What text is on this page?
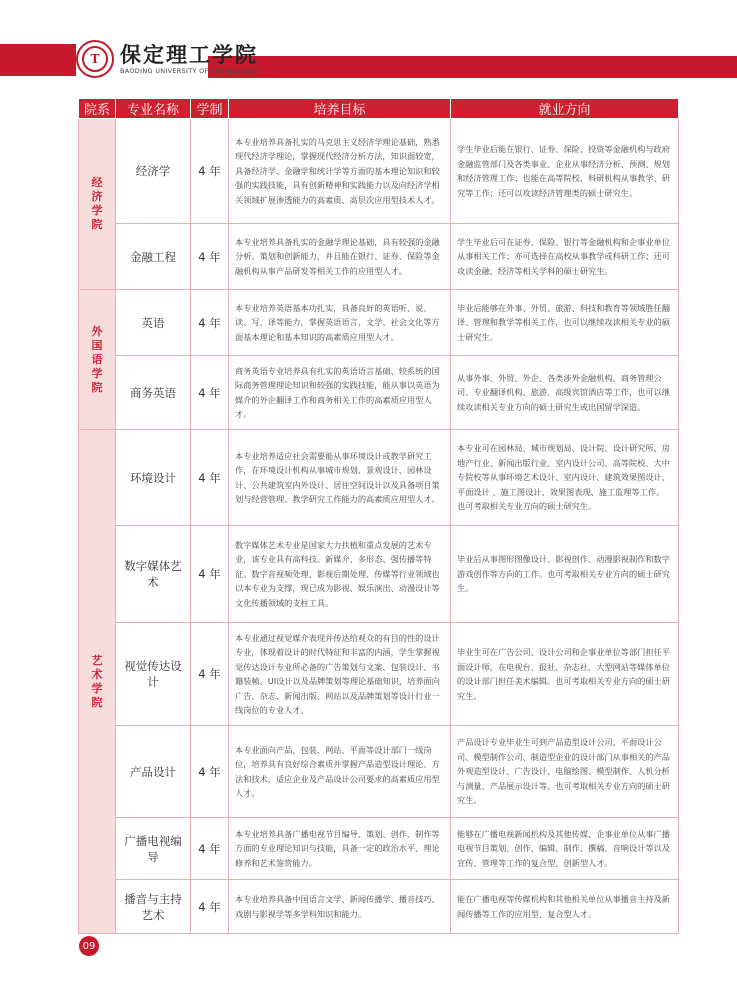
T 保定理工学院
BAODING UNIVERSITY OF TECHNOLOGY
院系	专业名称	学制	培养目标	就业方向
经济学院	经济学	4 年	本专业培养具备扎实的马克思主义经济学理论基础，熟悉现代经济学理论，掌握现代经济分析方法，知识面较宽，具备经济学、金融学和统计学等方面的基本理论知识和较强的实践技能，具有创新精神和实践能力以及向经济学相关领域扩展渗透能力的高素质、高层次应用型技术人才。	学生毕业后能在银行、证券、保险、投资等金融机构与政府金融监管部门及各类事业、企业从事经济分析、预测、规划和经济管理工作；也能在高等院校、科研机构从事教学、研究等工作；还可以攻读经济管理类的硕士研究生。
	金融工程	4 年	本专业培养具备扎实的金融学理论基础，具有较强的金融分析、策划和创新能力，并且能在银行、证券、保险等金融机构从事产品研发等相关工作的应用型人才。	学生毕业后可在证券、保险、银行等金融机构和企事业单位从事相关工作；亦可选择在高校从事教学或科研工作；还可攻读金融、经济等相关学科的硕士研究生。
外国语学院	英语	4 年	本专业培养英语基本功扎实，具备良好的英语听、说、读、写、译等能力，掌握英语语言、文学、社会文化等方面基本理论和基本知识的高素质应用型人才。	毕业后能够在外事、外贸、旅游、科技和教育等领域胜任翻译、管理和教学等相关工作，也可以继续攻读相关专业的硕士研究生。
	商务英语	4 年	商务英语专业培养具有扎实的英语语言基础、较系统的国际商务管理理论知识和较强的实践技能，能从事以英语为媒介的外企翻译工作和商务相关工作的高素质应用型人才。	从事外事、外贸、外企、各类涉外金融机构、商务管理公司、专业翻译机构、旅游、高级宾馆酒店等工作，也可以继续攻读相关专业方向的硕士研究生或出国留学深造。
艺术学院	环境设计	4 年	本专业培养适应社会需要能从事环境设计或教学研究工作，在环境设计机构从事城市规划、景观设计、园林设计、公共建筑室内外设计、居住空间设计以及具备项目策划与经营管理、教学研究工作能力的高素质应用型人才。	本专业可在园林局、城市规划局、设计院、设计研究所、房地产行业、新闻出版行业、室内设计公司、高等院校、大中专院校等从事环境艺术设计、室内设计、建筑效果图设计、平面设计 、施工图设计、效果图表现、施工监理等工作。也可考取相关专业方向的硕士研究生。
	数字媒体艺术	4 年	数字媒体艺术专业是国家大力扶植和重点发展的艺术专业，该专业具有高科技、新媒介、多形态、强传播等特征。数字音视频处理、影视后期处理、传媒等行业领域也以本专业为支撑，现已成为影视、娱乐演出、动漫设计等文化传播领域的支柱工具。	毕业后从事图形图像设计、影视创作、动漫影视制作和数字游戏创作等方向的工作。也可考取相关专业方向的硕士研究生。
	视觉传达设计	4 年	本专业通过视觉媒介表现并传达给观众的有目的性的设计专业，体现着设计的时代特征和丰富的内涵，学生掌握视觉传达设计专业所必备的广告策划与文案、包装设计、书籍装帧、UI设计以及品牌策划等理论基础知识，培养面向广告、杂志、新闻出版、网站以及品牌策划等设计行业一线岗位的专业人才。	毕业生可在广告公司、设计公司和企事业单位等部门担任平面设计师，在电视台、报社、杂志社、大型网站等媒体单位的设计部门担任美术编辑。也可考取相关专业方向的硕士研究生。
	产品设计	4 年	本专业面向产品、包装、网站、平面等设计部门一线岗位，培养具有良好综合素质并掌握产品造型设计理论、方法和技术，适应企业及产品设计公司要求的高素质应用型人才。	产品设计专业毕业生可到产品造型设计公司、平面设计公司、模型制作公司、制造型企业的设计部门从事相关的产品外观造型设计、广告设计、电脑绘图、模型制作、人机分析与测量、产品展示设计等。也可考取相关专业方向的硕士研究生。
	广播电视编导	4 年	本专业培养具备广播电视节目编导、策划、创作、制作等方面的专业理论知识与技能，具备一定的政治水平、理论修养和艺术鉴赏能力。	能够在广播电视新闻机构及其他传媒、企事业单位从事广播电视节目策划、创作、编辑、制作、撰稿、音响设计等以及宣传、管理等工作的复合型、创新型人才。
	播音与主持艺术	4 年	本专业培养具备中国语言文学、新闻传播学、播音技巧、戏剧与影视学等多学科知识和能力。	能在广播电视等传媒机构和其他相关单位从事播音主持及新闻传播等工作的应用型、复合型人才。
09
